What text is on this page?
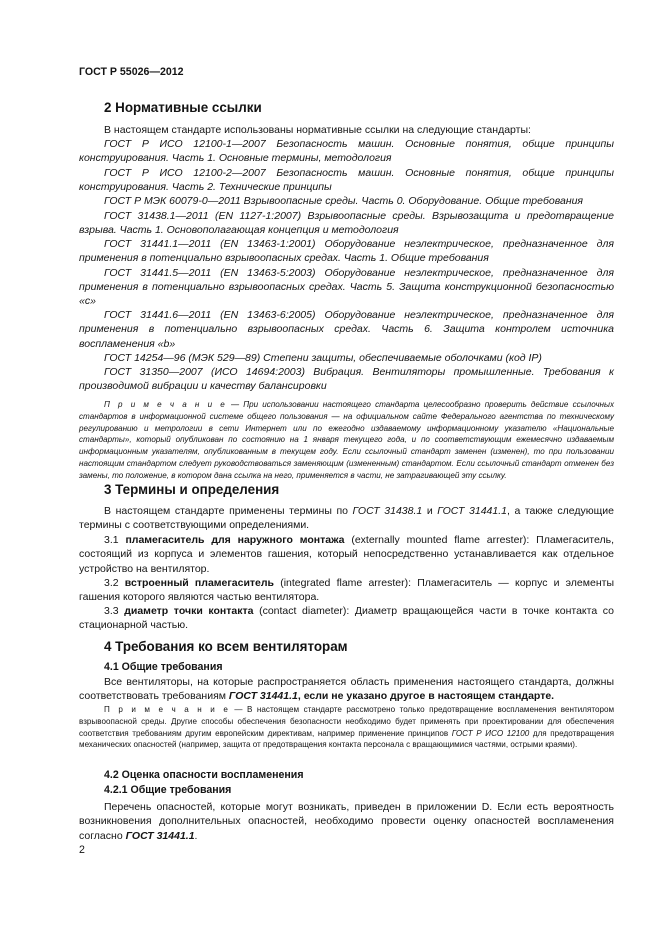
ГОСТ Р 55026—2012
2 Нормативные ссылки
В настоящем стандарте использованы нормативные ссылки на следующие стандарты:
ГОСТ Р ИСО 12100-1—2007 Безопасность машин. Основные понятия, общие принципы конструирования. Часть 1. Основные термины, методология
ГОСТ Р ИСО 12100-2—2007 Безопасность машин. Основные понятия, общие принципы конструирования. Часть 2. Технические принципы
ГОСТ Р МЭК 60079-0—2011 Взрывоопасные среды. Часть 0. Оборудование. Общие требования
ГОСТ 31438.1—2011 (EN 1127-1:2007) Взрывоопасные среды. Взрывозащита и предотвращение взрыва. Часть 1. Основополагающая концепция и методология
ГОСТ 31441.1—2011 (EN 13463-1:2001) Оборудование неэлектрическое, предназначенное для применения в потенциально взрывоопасных средах. Часть 1. Общие требования
ГОСТ 31441.5—2011 (EN 13463-5:2003) Оборудование неэлектрическое, предназначенное для применения в потенциально взрывоопасных средах. Часть 5. Защита конструкционной безопасностью «с»
ГОСТ 31441.6—2011 (EN 13463-6:2005) Оборудование неэлектрическое, предназначенное для применения в потенциально взрывоопасных средах. Часть 6. Защита контролем источника воспламенения «b»
ГОСТ 14254—96 (МЭК 529—89) Степени защиты, обеспечиваемые оболочками (код IP)
ГОСТ 31350—2007 (ИСО 14694:2003) Вибрация. Вентиляторы промышленные. Требования к производимой вибрации и качеству балансировки
П р и м е ч а н и е — При использовании настоящего стандарта целесообразно проверить действие ссылочных стандартов в информационной системе общего пользования — на официальном сайте Федерального агентства по техническому регулированию и метрологии в сети Интернет или по ежегодно издаваемому информационному указателю «Национальные стандарты», который опубликован по состоянию на 1 января текущего года, и по соответствующим ежемесячно издаваемым информационным указателям, опубликованным в текущем году. Если ссылочный стандарт заменен (изменен), то при пользовании настоящим стандартом следует руководствоваться заменяющим (измененным) стандартом. Если ссылочный стандарт отменен без замены, то положение, в котором дана ссылка на него, применяется в части, не затрагивающей эту ссылку.
3 Термины и определения
В настоящем стандарте применены термины по ГОСТ 31438.1 и ГОСТ 31441.1, а также следующие термины с соответствующими определениями.
3.1 пламегаситель для наружного монтажа (externally mounted flame arrester): Пламегаситель, состоящий из корпуса и элементов гашения, который непосредственно устанавливается как отдельное устройство на вентилятор.
3.2 встроенный пламегаситель (integrated flame arrester): Пламегаситель — корпус и элементы гашения которого являются частью вентилятора.
3.3 диаметр точки контакта (contact diameter): Диаметр вращающейся части в точке контакта со стационарной частью.
4 Требования ко всем вентиляторам
4.1 Общие требования
Все вентиляторы, на которые распространяется область применения настоящего стандарта, должны соответствовать требованиям ГОСТ 31441.1, если не указано другое в настоящем стандарте.
П р и м е ч а н и е — В настоящем стандарте рассмотрено только предотвращение воспламенения вентилятором взрывоопасной среды. Другие способы обеспечения безопасности необходимо будет применять при проектировании для обеспечения соответствия требованиям другим европейским директивам, например применение принципов ГОСТ Р ИСО 12100 для предотвращения механических опасностей (например, защита от предотвращения контакта персонала с вращающимися частями, острыми краями).
4.2 Оценка опасности воспламенения
4.2.1 Общие требования
Перечень опасностей, которые могут возникать, приведен в приложении D. Если есть вероятность возникновения дополнительных опасностей, необходимо провести оценку опасностей воспламенения согласно ГОСТ 31441.1.
2
